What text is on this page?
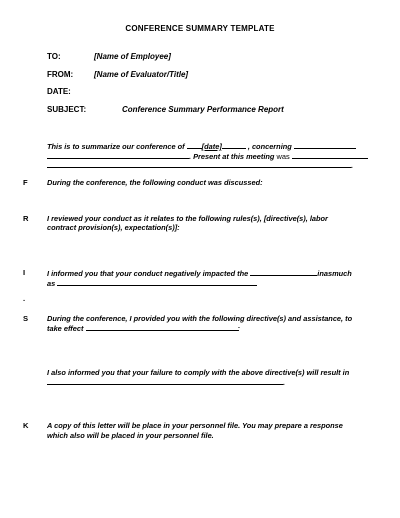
CONFERENCE SUMMARY TEMPLATE
TO:	[Name of Employee]
FROM:	[Name of Evaluator/Title]
DATE:
SUBJECT:	Conference Summary Performance Report
This is to summarize our conference of [date]	, concerning
. Present at this meeting was
.
F	During the conference, the following conduct was discussed:
R	I reviewed your conduct as it relates to the following rules(s), [directive(s), labor
contract provision(s), expectation(s)]:
I	I informed you that your conduct negatively impacted the	inasmuch
as
.
S	During the conference, I provided you with the following directive(s) and assistance, to
take effect	:
I also informed you that your failure to comply with the above directive(s) will result in
.
K	A copy of this letter will be place in your personnel file. You may prepare a response
which also will be placed in your personnel file.
